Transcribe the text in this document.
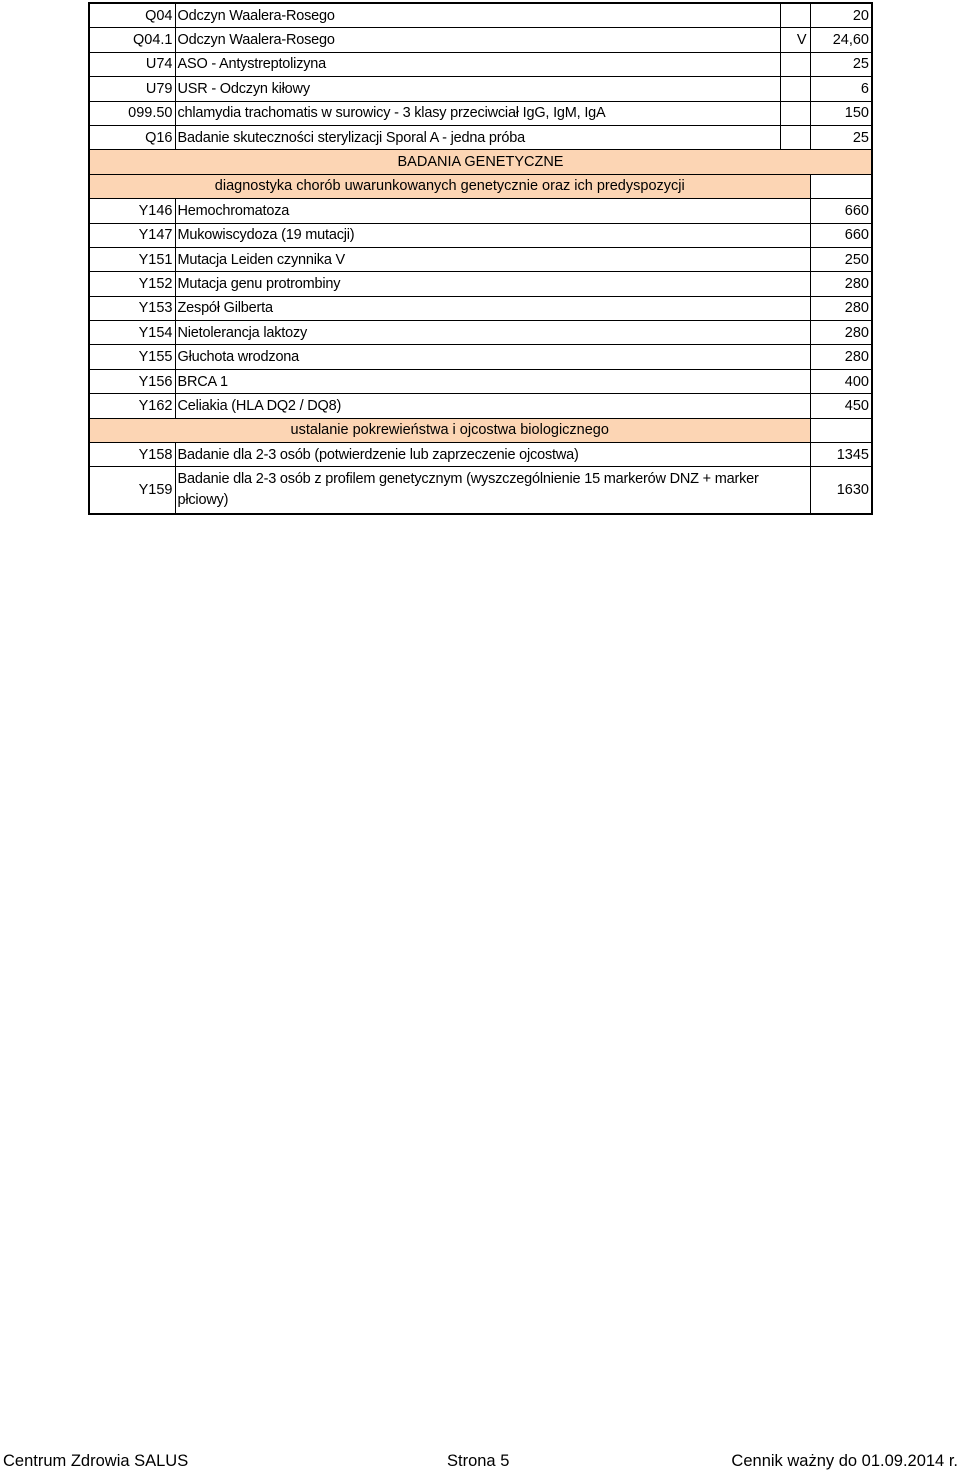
Q04	Odczyn Waalera-Rosego		20
Q04.1	Odczyn Waalera-Rosego	V	24,60
U74	ASO - Antystreptolizyna		25
U79	USR - Odczyn kiłowy		6
099.50	chlamydia trachomatis w surowicy - 3 klasy przeciwciał IgG, IgM, IgA		150
Q16	Badanie skuteczności sterylizacji Sporal A - jedna próba		25
BADANIA GENETYCZNE			
diagnostyka chorób uwarunkowanych genetycznie oraz ich predyspozycji			
Y146	Hemochromatoza		660
Y147	Mukowiscydoza (19 mutacji)		660
Y151	Mutacja Leiden czynnika V		250
Y152	Mutacja genu protrombiny		280
Y153	Zespół Gilberta		280
Y154	Nietolerancja laktozy		280
Y155	Głuchota wrodzona		280
Y156	BRCA 1		400
Y162	Celiakia (HLA DQ2 / DQ8)		450
ustalanie pokrewieństwa i ojcostwa biologicznego			
Y158	Badanie dla 2-3 osób (potwierdzenie lub zaprzeczenie ojcostwa)		1345
Y159	Badanie dla 2-3 osób z profilem genetycznym (wyszczególnienie 15 markerów DNZ + marker płciowy)		1630
Centrum Zdrowia SALUS	Strona 5	Cennik ważny do 01.09.2014 r.
